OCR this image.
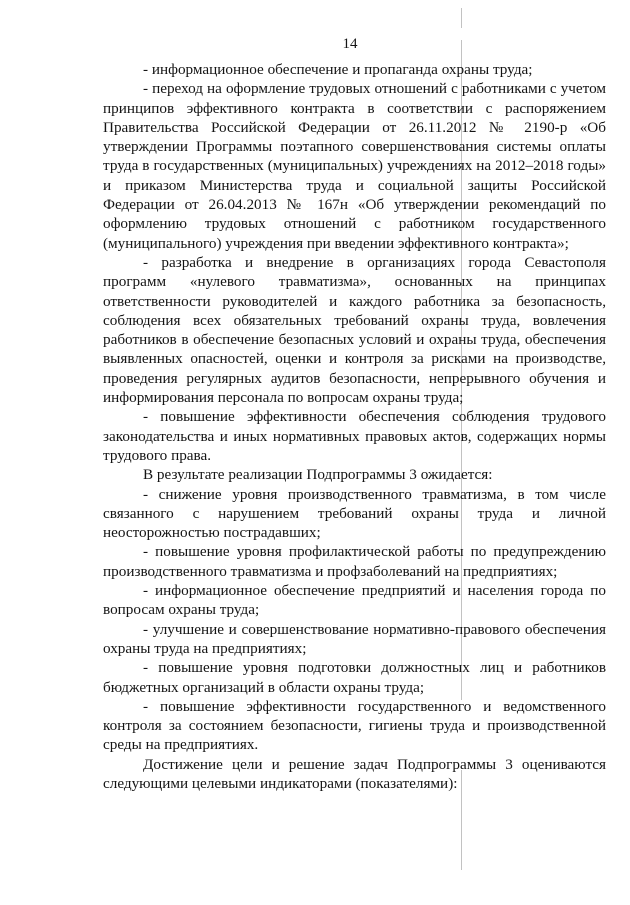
14

- информационное обеспечение и пропаганда охраны труда;

- переход на оформление трудовых отношений с работниками с учетом принципов эффективного контракта в соответствии с распоряжением Правительства Российской Федерации от 26.11.2012 № 2190-р «Об утверждении Программы поэтапного совершенствования системы оплаты труда в государственных (муниципальных) учреждениях на 2012–2018 годы» и приказом Министерства труда и социальной защиты Российской Федерации от 26.04.2013 № 167н «Об утверждении рекомендаций по оформлению трудовых отношений с работником государственного (муниципального) учреждения при введении эффективного контракта»;

- разработка и внедрение в организациях города Севастополя программ «нулевого травматизма», основанных на принципах ответственности руководителей и каждого работника за безопасность, соблюдения всех обязательных требований охраны труда, вовлечения работников в обеспечение безопасных условий и охраны труда, обеспечения выявленных опасностей, оценки и контроля за рисками на производстве, проведения регулярных аудитов безопасности, непрерывного обучения и информирования персонала по вопросам охраны труда;

- повышение эффективности обеспечения соблюдения трудового законодательства и иных нормативных правовых актов, содержащих нормы трудового права.

В результате реализации Подпрограммы 3 ожидается:

- снижение уровня производственного травматизма, в том числе связанного с нарушением требований охраны труда и личной неосторожностью пострадавших;

- повышение уровня профилактической работы по предупреждению производственного травматизма и профзаболеваний на предприятиях;

- информационное обеспечение предприятий и населения города по вопросам охраны труда;

- улучшение и совершенствование нормативно-правового обеспечения охраны труда на предприятиях;

- повышение уровня подготовки должностных лиц и работников бюджетных организаций в области охраны труда;

- повышение эффективности государственного и ведомственного контроля за состоянием безопасности, гигиены труда и производственной среды на предприятиях.

Достижение цели и решение задач Подпрограммы 3 оцениваются следующими целевыми индикаторами (показателями):
